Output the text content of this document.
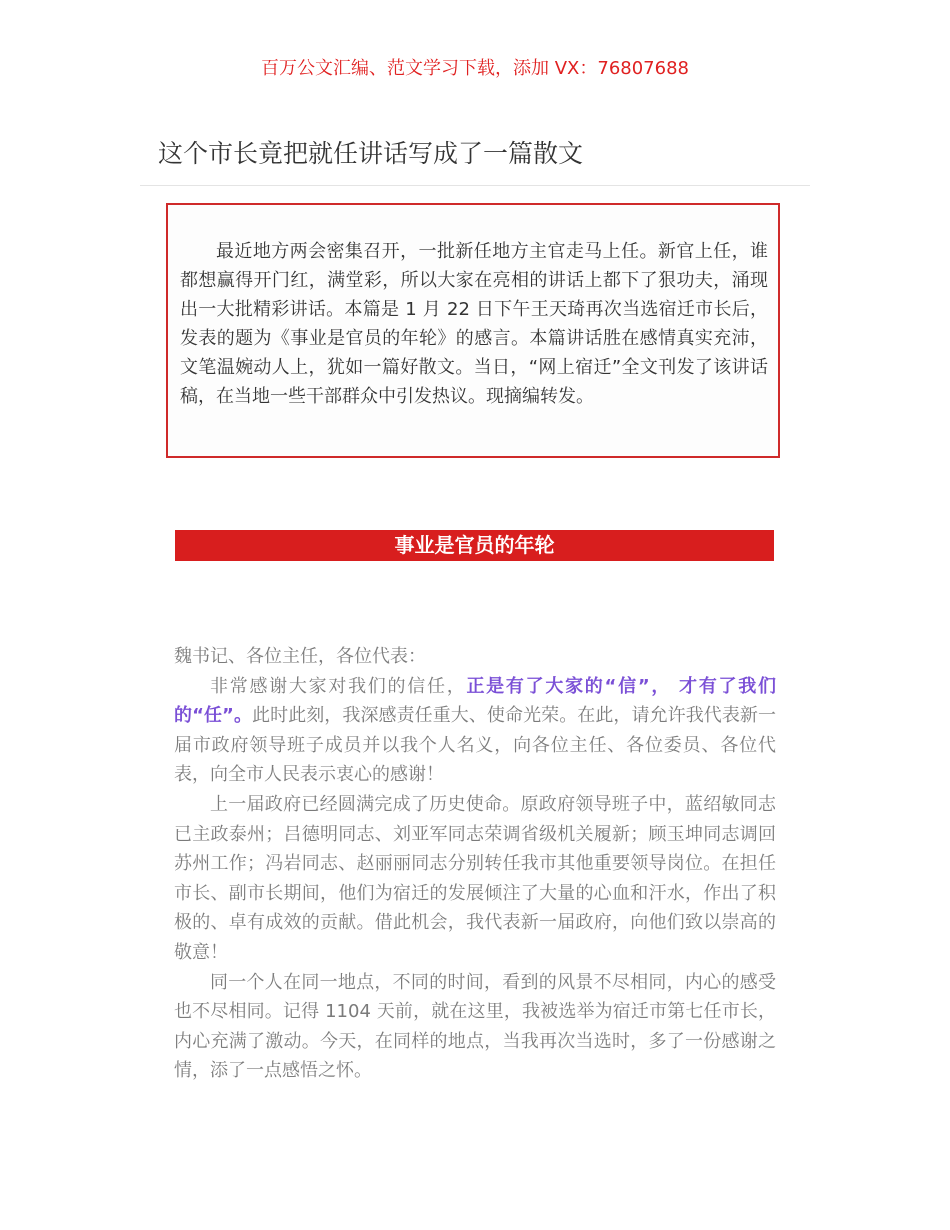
百万公文汇编、范文学习下载，添加 VX：76807688
这个市长竟把就任讲话写成了一篇散文

最近地方两会密集召开，一批新任地方主官走马上任。新官上任，谁都想赢得开门红，满堂彩，所以大家在亮相的讲话上都下了狠功夫，涌现出一大批精彩讲话。本篇是 1 月 22 日下午王天琦再次当选宿迁市长后，发表的题为《事业是官员的年轮》的感言。本篇讲话胜在感情真实充沛，文笔温婉动人上，犹如一篇好散文。当日，“网上宿迁”全文刊发了该讲话稿，在当地一些干部群众中引发热议。现摘编转发。

事业是官员的年轮

魏书记、各位主任，各位代表：

非常感谢大家对我们的信任，正是有了大家的“信”， 才有了我们的“任”。此时此刻，我深感责任重大、使命光荣。在此，请允许我代表新一届市政府领导班子成员并以我个人名义，向各位主任、各位委员、各位代表，向全市人民表示衷心的感谢！

上一届政府已经圆满完成了历史使命。原政府领导班子中，蓝绍敏同志已主政泰州；吕德明同志、刘亚军同志荣调省级机关履新；顾玉坤同志调回苏州工作；冯岩同志、赵丽丽同志分别转任我市其他重要领导岗位。在担任市长、副市长期间，他们为宿迁的发展倾注了大量的心血和汗水，作出了积极的、卓有成效的贡献。借此机会，我代表新一届政府，向他们致以崇高的敬意！

同一个人在同一地点，不同的时间，看到的风景不尽相同，内心的感受也不尽相同。记得 1104 天前，就在这里，我被选举为宿迁市第七任市长，内心充满了激动。今天，在同样的地点，当我再次当选时，多了一份感谢之情，添了一点感悟之怀。
